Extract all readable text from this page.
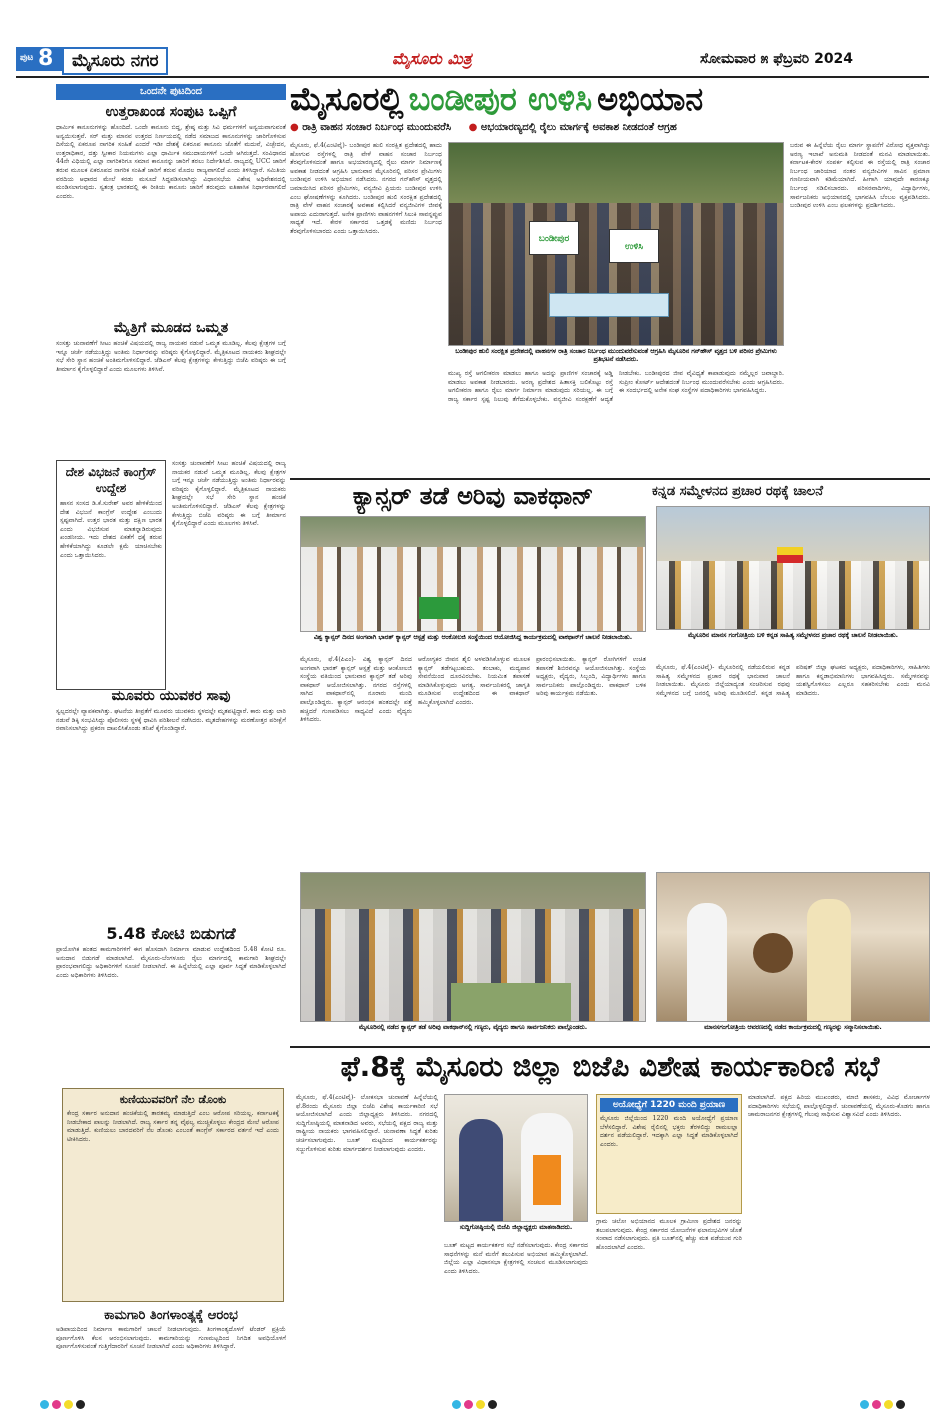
ಪುಟ 8	ಮೈಸೂರು ನಗರ	ಮೈಸೂರು ಮಿತ್ರ	ಸೋಮವಾರ ೫ ಫೆಬ್ರವರಿ 2024
ಒಂದನೇ ಪುಟದಿಂದ
ಉತ್ತರಾಖಂಡ ಸಂಪುಟ ಒಪ್ಪಿಗೆ
ಧಾರ್ಮಿಕ ಕಾನೂನುಗಳನ್ನು ಹೊಂದಿದೆ. ಒಂದೇ ಕಾನೂನು ಬಿದ್ದ, ಶ್ರೇಷ್ಠ ಮತ್ತು ಸಿವಿ ಧರ್ಮಗಳಿಗೆ ಅನ್ವಯವಾಗುವಂತೆ ಅನ್ವಯಿಸುತ್ತವೆ. ಸರ್ ಮತ್ತು ಮಾನವ ಉತ್ತರದ ನಿರ್ಣಯದಲ್ಲಿ ನಡೆದ ಸಮಾಜದ ಕಾನೂನುಗಳನ್ನು ಜಾರಿಗೊಳಿಸುವ ದಿಸೆಯಲ್ಲಿ ಏಕರೂಪ ನಾಗರಿಕ ಸಂಹಿತೆ ಎಂದರೆ ಇಡೀ ದೇಶಕ್ಕೆ ಏಕರೂಪ ಕಾನೂನು ಜೊತೆಗೆ ಮದುವೆ, ವಿಚ್ಛೇದನ, ಉತ್ತರಾಧಿಕಾರ, ದತ್ತು ಸ್ವೀಕಾರ ನಿಯಮಗಳು ಎಲ್ಲಾ ಧಾರ್ಮಿಕ ಸಮುದಾಯಗಳಿಗೆ ಒಂದೇ ಆಗಿರುತ್ತದೆ. ಸಂವಿಧಾನದ 44ನೇ ವಿಧಿಯಲ್ಲಿ ಎಲ್ಲಾ ನಾಗರಿಕರಿಗೂ ಸಮಾನ ಕಾನೂನನ್ನು ಜಾರಿಗೆ ತರಲು ನಿರ್ದೇಶಿಸಿದೆ. ರಾಜ್ಯದಲ್ಲಿ UCC ಜಾರಿಗೆ ತರುವ ಮೂಲಕ ಏಕರೂಪದ ನಾಗರಿಕ ಸಂಹಿತೆ ಜಾರಿಗೆ ತರುವ ಮೊದಲ ರಾಜ್ಯವಾಗಲಿದೆ ಎಂದು ತಿಳಿಸಿದ್ದಾರೆ. ಸಮಿತಿಯ ವರದಿಯ ಆಧಾರದ ಮೇಲೆ ಕರಡು ಮಸೂದೆ ಸಿದ್ಧಪಡಿಸಲಾಗಿದ್ದು ವಿಧಾನಸಭೆಯ ವಿಶೇಷ ಅಧಿವೇಶನದಲ್ಲಿ ಮಂಡಿಸಲಾಗುವುದು. ಸ್ವತಂತ್ರ ಭಾರತದಲ್ಲಿ ಈ ರೀತಿಯ ಕಾನೂನು ಜಾರಿಗೆ ತರುವುದು ಐತಿಹಾಸಿಕ ನಿರ್ಧಾರವಾಗಲಿದೆ ಎಂದರು.
ಮೈತ್ರಿಗೆ ಮೂಡದ ಒಮ್ಮತ
ಸಂಸತ್ತು ಚುನಾವಣೆಗೆ ಸೀಟು ಹಂಚಿಕೆ ವಿಷಯದಲ್ಲಿ ರಾಜ್ಯ ನಾಯಕರ ನಡುವೆ ಒಮ್ಮತ ಮೂಡಿಲ್ಲ. ಕೆಲವು ಕ್ಷೇತ್ರಗಳ ಬಗ್ಗೆ ಇನ್ನೂ ಚರ್ಚೆ ನಡೆಯುತ್ತಿದ್ದು ಅಂತಿಮ ನಿರ್ಧಾರವನ್ನು ವರಿಷ್ಠರು ಕೈಗೊಳ್ಳಲಿದ್ದಾರೆ. ಮೈತ್ರಿಕೂಟದ ನಾಯಕರು ಶೀಘ್ರದಲ್ಲೇ ಸಭೆ ಸೇರಿ ಸ್ಥಾನ ಹಂಚಿಕೆ ಅಂತಿಮಗೊಳಿಸಲಿದ್ದಾರೆ. ಜೆಡಿಎಸ್ ಕೆಲವು ಕ್ಷೇತ್ರಗಳನ್ನು ಕೇಳುತ್ತಿದ್ದು ಬಿಜೆಪಿ ವರಿಷ್ಠರು ಈ ಬಗ್ಗೆ ತೀರ್ಮಾನ ಕೈಗೊಳ್ಳಲಿದ್ದಾರೆ ಎಂದು ಮೂಲಗಳು ತಿಳಿಸಿವೆ.
ದೇಶ ವಿಭಜನೆ ಕಾಂಗ್ರೆಸ್ ಉದ್ದೇಶ
ಹಾಸನ ಸಂಸದ ಡಿ.ಕೆ.ಸುರೇಶ್ ಅವರ ಹೇಳಿಕೆಯಿಂದ ದೇಶ ವಿಭಜನೆ ಕಾಂಗ್ರೆಸ್ ಉದ್ದೇಶ ಎಂಬುದು ಸ್ಪಷ್ಟವಾಗಿದೆ. ಉತ್ತರ ಭಾರತ ಮತ್ತು ದಕ್ಷಿಣ ಭಾರತ ಎಂದು ವಿಭಜಿಸುವ ಮಾತನ್ನಾಡಿರುವುದು ಖಂಡನೀಯ. ಇದು ದೇಶದ ಏಕತೆಗೆ ಧಕ್ಕೆ ತರುವ ಹೇಳಿಕೆಯಾಗಿದ್ದು ಕೂಡಲೇ ಕ್ಷಮೆ ಯಾಚಿಸಬೇಕು ಎಂದು ಒತ್ತಾಯಿಸಿದರು.
ಸಂಸತ್ತು ಚುನಾವಣೆಗೆ ಸೀಟು ಹಂಚಿಕೆ ವಿಷಯದಲ್ಲಿ ರಾಜ್ಯ ನಾಯಕರ ನಡುವೆ ಒಮ್ಮತ ಮೂಡಿಲ್ಲ. ಕೆಲವು ಕ್ಷೇತ್ರಗಳ ಬಗ್ಗೆ ಇನ್ನೂ ಚರ್ಚೆ ನಡೆಯುತ್ತಿದ್ದು ಅಂತಿಮ ನಿರ್ಧಾರವನ್ನು ವರಿಷ್ಠರು ಕೈಗೊಳ್ಳಲಿದ್ದಾರೆ. ಮೈತ್ರಿಕೂಟದ ನಾಯಕರು ಶೀಘ್ರದಲ್ಲೇ ಸಭೆ ಸೇರಿ ಸ್ಥಾನ ಹಂಚಿಕೆ ಅಂತಿಮಗೊಳಿಸಲಿದ್ದಾರೆ. ಜೆಡಿಎಸ್ ಕೆಲವು ಕ್ಷೇತ್ರಗಳನ್ನು ಕೇಳುತ್ತಿದ್ದು ಬಿಜೆಪಿ ವರಿಷ್ಠರು ಈ ಬಗ್ಗೆ ತೀರ್ಮಾನ ಕೈಗೊಳ್ಳಲಿದ್ದಾರೆ ಎಂದು ಮೂಲಗಳು ತಿಳಿಸಿವೆ.
ಮೂವರು ಯುವಕರ ಸಾವು
ಸ್ವಲ್ಪದರಲ್ಲೇ ವ್ಯಾಪಕವಾಗಿತ್ತು. ಘಟನೆಯ ತೀವ್ರತೆಗೆ ಮೂವರು ಯುವಕರು ಸ್ಥಳದಲ್ಲೇ ಮೃತಪಟ್ಟಿದ್ದಾರೆ. ಕಾರು ಮತ್ತು ಲಾರಿ ನಡುವೆ ಡಿಕ್ಕಿ ಸಂಭವಿಸಿದ್ದು ಪೊಲೀಸರು ಸ್ಥಳಕ್ಕೆ ಧಾವಿಸಿ ಪರಿಶೀಲನೆ ನಡೆಸಿದರು. ಮೃತದೇಹಗಳನ್ನು ಮರಣೋತ್ತರ ಪರೀಕ್ಷೆಗೆ ರವಾನಿಸಲಾಗಿದ್ದು ಪ್ರಕರಣ ದಾಖಲಿಸಿಕೊಂಡು ತನಿಖೆ ಕೈಗೊಂಡಿದ್ದಾರೆ.
5.48 ಕೋಟಿ ಬಿಡುಗಡೆ
ಪ್ರಾಯೋಗಿಕ ಹಂತದ ಕಾಮಗಾರಿಗಳಿಗೆ ಈಗ ಹೊಸದಾಗಿ ನಿರ್ಮಾಣ ಮಾಡುವ ಉದ್ದೇಶದಿಂದ 5.48 ಕೋಟಿ ರೂ. ಅನುದಾನ ಬಿಡುಗಡೆ ಮಾಡಲಾಗಿದೆ. ಮೈಸೂರು-ಬೆಂಗಳೂರು ರೈಲು ಮಾರ್ಗದಲ್ಲಿ ಕಾಮಗಾರಿ ಶೀಘ್ರದಲ್ಲೇ ಪ್ರಾರಂಭವಾಗಲಿದ್ದು ಅಧಿಕಾರಿಗಳಿಗೆ ಸೂಚನೆ ನೀಡಲಾಗಿದೆ. ಈ ಹಿನ್ನೆಲೆಯಲ್ಲಿ ಎಲ್ಲಾ ಪೂರ್ವ ಸಿದ್ಧತೆ ಮಾಡಿಕೊಳ್ಳಲಾಗಿದೆ ಎಂದು ಅಧಿಕಾರಿಗಳು ತಿಳಿಸಿದರು.
ಕುಣಿಯುವವರಿಗೆ ನೆಲ ಡೊಂಕು
ಕೇಂದ್ರ ಸರ್ಕಾರ ಅನುದಾನ ಹಂಚಿಕೆಯಲ್ಲಿ ತಾರತಮ್ಯ ಮಾಡುತ್ತಿದೆ ಎಂಬ ಆರೋಪ ಸರಿಯಲ್ಲ. ಕರ್ನಾಟಕಕ್ಕೆ ನೀಡಬೇಕಾದ ಪಾಲನ್ನು ನೀಡಲಾಗಿದೆ. ರಾಜ್ಯ ಸರ್ಕಾರ ತನ್ನ ವೈಫಲ್ಯ ಮುಚ್ಚಿಕೊಳ್ಳಲು ಕೇಂದ್ರದ ಮೇಲೆ ಆರೋಪ ಮಾಡುತ್ತಿದೆ. ಕುಣಿಯಲು ಬಾರದವರಿಗೆ ನೆಲ ಡೊಂಕು ಎಂಬಂತೆ ಕಾಂಗ್ರೆಸ್ ಸರ್ಕಾರದ ವರ್ತನೆ ಇದೆ ಎಂದು ಟೀಕಿಸಿದರು.
ಕಾಮಗಾರಿ ತಿಂಗಳಾಂತ್ಯಕ್ಕೆ ಆರಂಭ
ಅಡಿಪಾಯದಿಂದ ನಿರ್ಮಾಣ ಕಾಮಗಾರಿಗೆ ಚಾಲನೆ ನೀಡಲಾಗುವುದು. ತಿಂಗಳಾಂತ್ಯದೊಳಗೆ ಟೆಂಡರ್ ಪ್ರಕ್ರಿಯೆ ಪೂರ್ಣಗೊಳಿಸಿ ಕೆಲಸ ಆರಂಭಿಸಲಾಗುವುದು. ಕಾಮಗಾರಿಯನ್ನು ಗುಣಮಟ್ಟದಿಂದ ನಿಗದಿತ ಅವಧಿಯೊಳಗೆ ಪೂರ್ಣಗೊಳಿಸುವಂತೆ ಗುತ್ತಿಗೆದಾರರಿಗೆ ಸೂಚನೆ ನೀಡಲಾಗಿದೆ ಎಂದು ಅಧಿಕಾರಿಗಳು ತಿಳಿಸಿದ್ದಾರೆ.
ಮೈಸೂರಲ್ಲಿ ಬಂಡೀಪುರ ಉಳಿಸಿ ಅಭಿಯಾನ
● ರಾತ್ರಿ ವಾಹನ ಸಂಚಾರ ನಿರ್ಬಂಧ ಮುಂದುವರೆಸಿ ● ಅಭಯಾರಣ್ಯದಲ್ಲಿ ರೈಲು ಮಾರ್ಗಕ್ಕೆ ಅವಕಾಶ ನೀಡದಂತೆ ಆಗ್ರಹ
ಮೈಸೂರು, ಫೆ.4(ಎಂಟಿವೈ)- ಬಂಡೀಪುರ ಹುಲಿ ಸಂರಕ್ಷಿತ ಪ್ರದೇಶದಲ್ಲಿ ಹಾದು ಹೋಗುವ ರಸ್ತೆಗಳಲ್ಲಿ ರಾತ್ರಿ ವೇಳೆ ವಾಹನ ಸಂಚಾರ ನಿರ್ಬಂಧ ತೆರವುಗೊಳಿಸದಂತೆ ಹಾಗೂ ಅಭಯಾರಣ್ಯದಲ್ಲಿ ರೈಲು ಮಾರ್ಗ ನಿರ್ಮಾಣಕ್ಕೆ ಅವಕಾಶ ನೀಡದಂತೆ ಆಗ್ರಹಿಸಿ ಭಾನುವಾರ ಮೈಸೂರಿನಲ್ಲಿ ಪರಿಸರ ಪ್ರೇಮಿಗಳು ಬಂಡೀಪುರ ಉಳಿಸಿ ಅಭಿಯಾನ ನಡೆಸಿದರು. ನಗರದ ಗನ್‌ಹೌಸ್ ವೃತ್ತದಲ್ಲಿ ಜಮಾಯಿಸಿದ ಪರಿಸರ ಪ್ರೇಮಿಗಳು, ವನ್ಯಜೀವಿ ಪ್ರಿಯರು ಬಂಡೀಪುರ ಉಳಿಸಿ ಎಂಬ ಘೋಷಣೆಗಳನ್ನು ಕೂಗಿದರು. ಬಂಡೀಪುರ ಹುಲಿ ಸಂರಕ್ಷಿತ ಪ್ರದೇಶದಲ್ಲಿ ರಾತ್ರಿ ವೇಳೆ ವಾಹನ ಸಂಚಾರಕ್ಕೆ ಅವಕಾಶ ಕಲ್ಪಿಸಿದರೆ ವನ್ಯಜೀವಿಗಳ ಜೀವಕ್ಕೆ ಅಪಾಯ ಎದುರಾಗುತ್ತದೆ. ಅನೇಕ ಪ್ರಾಣಿಗಳು ವಾಹನಗಳಿಗೆ ಸಿಲುಕಿ ಸಾವನ್ನಪ್ಪುವ ಸಾಧ್ಯತೆ ಇದೆ. ಕೇರಳ ಸರ್ಕಾರದ ಒತ್ತಡಕ್ಕೆ ಮಣಿದು ನಿರ್ಬಂಧ ತೆರವುಗೊಳಿಸಬಾರದು ಎಂದು ಒತ್ತಾಯಿಸಿದರು.
ಬಂಡೀಪುರ
ಉಳಿಸಿ
ಬಂಡೀಪುರ ಹುಲಿ ಸಂರಕ್ಷಿತ ಪ್ರದೇಶದಲ್ಲಿ ವಾಹನಗಳ ರಾತ್ರಿ ಸಂಚಾರ ನಿರ್ಬಂಧ ಮುಂದುವರೆಸುವಂತೆ ಆಗ್ರಹಿಸಿ ಮೈಸೂರಿನ ಗನ್‌ಹೌಸ್ ವೃತ್ತದ ಬಳಿ ಪರಿಸರ ಪ್ರೇಮಿಗಳು ಪ್ರತಿಭಟನೆ ನಡೆಸಿದರು.
ಮುಖ್ಯ ರಸ್ತೆ ಆಗಲೀಕರಣ ಮಾಡಲು ಹಾಗೂ ಅದನ್ನು ಪ್ರಾಣಿಗಳ ಸಂಚಾರಕ್ಕೆ ಅಡ್ಡಿ ಮಾಡಲು ಅವಕಾಶ ನೀಡಬಾರದು. ಅರಣ್ಯ ಪ್ರದೇಶದ ಹಿತಾಸಕ್ತಿ ಬಲಿಕೊಟ್ಟು ರಸ್ತೆ ಅಗಲೀಕರಣ ಹಾಗೂ ರೈಲು ಮಾರ್ಗ ನಿರ್ಮಾಣ ಮಾಡುವುದು ಸರಿಯಲ್ಲ. ಈ ಬಗ್ಗೆ ರಾಜ್ಯ ಸರ್ಕಾರ ಸ್ಪಷ್ಟ ನಿಲುವು ತೆಗೆದುಕೊಳ್ಳಬೇಕು. ವನ್ಯಜೀವಿ ಸಂರಕ್ಷಣೆಗೆ ಆದ್ಯತೆ ನೀಡಬೇಕು. ಬಂಡೀಪುರದ ಜೀವ ವೈವಿಧ್ಯತೆ ಕಾಪಾಡುವುದು ನಮ್ಮೆಲ್ಲರ ಜವಾಬ್ದಾರಿ. ಸುಪ್ರೀಂ ಕೋರ್ಟ್ ಆದೇಶದಂತೆ ನಿರ್ಬಂಧ ಮುಂದುವರೆಸಬೇಕು ಎಂದು ಆಗ್ರಹಿಸಿದರು. ಈ ಸಂದರ್ಭದಲ್ಲಿ ಅನೇಕ ಸಂಘ ಸಂಸ್ಥೆಗಳ ಪದಾಧಿಕಾರಿಗಳು ಭಾಗವಹಿಸಿದ್ದರು.
ಬರುವ ಈ ಹಿನ್ನೆಲೆಯ ರೈಲು ಮಾರ್ಗ ಸ್ಥಾಪನೆಗೆ ವಿರೋಧ ವ್ಯಕ್ತವಾಗಿದ್ದು ಅರಣ್ಯ ಇಲಾಖೆ ಅನುಮತಿ ನೀಡದಂತೆ ಮನವಿ ಮಾಡಲಾಯಿತು. ಕರ್ನಾಟಕ-ಕೇರಳ ಸಂಪರ್ಕ ಕಲ್ಪಿಸುವ ಈ ರಸ್ತೆಯಲ್ಲಿ ರಾತ್ರಿ ಸಂಚಾರ ನಿರ್ಬಂಧ ಜಾರಿಯಾದ ನಂತರ ವನ್ಯಜೀವಿಗಳ ಸಾವಿನ ಪ್ರಮಾಣ ಗಣನೀಯವಾಗಿ ಕಡಿಮೆಯಾಗಿದೆ. ಹೀಗಾಗಿ ಯಾವುದೇ ಕಾರಣಕ್ಕೂ ನಿರ್ಬಂಧ ಸಡಿಲಿಸಬಾರದು. ಪರಿಸರವಾದಿಗಳು, ವಿದ್ಯಾರ್ಥಿಗಳು, ಸಾರ್ವಜನಿಕರು ಅಭಿಯಾನದಲ್ಲಿ ಭಾಗವಹಿಸಿ ಬೆಂಬಲ ವ್ಯಕ್ತಪಡಿಸಿದರು. ಬಂಡೀಪುರ ಉಳಿಸಿ ಎಂಬ ಫಲಕಗಳನ್ನು ಪ್ರದರ್ಶಿಸಿದರು.
ಕ್ಯಾನ್ಸರ್ ತಡೆ ಅರಿವು ವಾಕಥಾನ್
ವಿಶ್ವ ಕ್ಯಾನ್ಸರ್ ದಿನದ ಅಂಗವಾಗಿ ಭಾರತ್ ಕ್ಯಾನ್ಸರ್ ಆಸ್ಪತ್ರೆ ಮತ್ತು ಆಂಕೋಲಜಿ ಸಂಸ್ಥೆಯಿಂದ ಆಯೋಜಿಸಿದ್ದ ಕಾರ್ಯಕ್ರಮದಲ್ಲಿ ವಾಕಥಾನ್‌ಗೆ ಚಾಲನೆ ನೀಡಲಾಯಿತು.
ಮೈಸೂರು, ಫೆ.4(ಪಿಎಂ)- ವಿಶ್ವ ಕ್ಯಾನ್ಸರ್ ದಿನದ ಅಂಗವಾಗಿ ಭಾರತ್ ಕ್ಯಾನ್ಸರ್ ಆಸ್ಪತ್ರೆ ಮತ್ತು ಆಂಕೋಲಜಿ ಸಂಸ್ಥೆಯ ವತಿಯಿಂದ ಭಾನುವಾರ ಕ್ಯಾನ್ಸರ್ ತಡೆ ಅರಿವು ವಾಕಥಾನ್ ಆಯೋಜಿಸಲಾಗಿತ್ತು. ನಗರದ ರಸ್ತೆಗಳಲ್ಲಿ ಸಾಗಿದ ವಾಕಥಾನ್‌ನಲ್ಲಿ ನೂರಾರು ಮಂದಿ ಪಾಲ್ಗೊಂಡಿದ್ದರು. ಕ್ಯಾನ್ಸರ್ ಆರಂಭಿಕ ಹಂತದಲ್ಲೇ ಪತ್ತೆ ಹಚ್ಚಿದರೆ ಗುಣಪಡಿಸಲು ಸಾಧ್ಯವಿದೆ ಎಂದು ವೈದ್ಯರು ತಿಳಿಸಿದರು.
ಆರೋಗ್ಯಕರ ಜೀವನ ಶೈಲಿ ಅಳವಡಿಸಿಕೊಳ್ಳುವ ಮೂಲಕ ಕ್ಯಾನ್ಸರ್ ತಡೆಗಟ್ಟಬಹುದು. ತಂಬಾಕು, ಮದ್ಯಪಾನ ಸೇವನೆಯಿಂದ ದೂರವಿರಬೇಕು. ನಿಯಮಿತ ತಪಾಸಣೆ ಮಾಡಿಸಿಕೊಳ್ಳುವುದು ಅಗತ್ಯ. ಸಾರ್ವಜನಿಕರಲ್ಲಿ ಜಾಗೃತಿ ಮೂಡಿಸುವ ಉದ್ದೇಶದಿಂದ ಈ ವಾಕಥಾನ್ ಹಮ್ಮಿಕೊಳ್ಳಲಾಗಿದೆ ಎಂದರು.
ಪ್ರಾರಂಭಿಸಲಾಯಿತು. ಕ್ಯಾನ್ಸರ್ ರೋಗಿಗಳಿಗೆ ಉಚಿತ ತಪಾಸಣೆ ಶಿಬಿರವನ್ನೂ ಆಯೋಜಿಸಲಾಗಿತ್ತು. ಸಂಸ್ಥೆಯ ಅಧ್ಯಕ್ಷರು, ವೈದ್ಯರು, ಸಿಬ್ಬಂದಿ, ವಿದ್ಯಾರ್ಥಿಗಳು ಹಾಗೂ ಸಾರ್ವಜನಿಕರು ಪಾಲ್ಗೊಂಡಿದ್ದರು. ವಾಕಥಾನ್ ಬಳಿಕ ಅರಿವು ಕಾರ್ಯಕ್ರಮ ನಡೆಯಿತು.
ಮೈಸೂರಿನಲ್ಲಿ ನಡೆದ ಕ್ಯಾನ್ಸರ್ ತಡೆ ಅರಿವು ವಾಕಥಾನ್‌ನಲ್ಲಿ ಗಣ್ಯರು, ವೈದ್ಯರು ಹಾಗೂ ಸಾರ್ವಜನಿಕರು ಪಾಲ್ಗೊಂಡರು.
ಕನ್ನಡ ಸಮ್ಮೇಳನದ ಪ್ರಚಾರ ರಥಕ್ಕೆ ಚಾಲನೆ
ಮೈಸೂರಿನ ಮಾನಸ ಗಂಗೋತ್ರಿಯ ಬಳಿ ಕನ್ನಡ ಸಾಹಿತ್ಯ ಸಮ್ಮೇಳನದ ಪ್ರಚಾರ ರಥಕ್ಕೆ ಚಾಲನೆ ನೀಡಲಾಯಿತು.
ಮೈಸೂರು, ಫೆ.4(ಎಂಟಿವೈ)- ಮೈಸೂರಿನಲ್ಲಿ ನಡೆಯಲಿರುವ ಕನ್ನಡ ಸಾಹಿತ್ಯ ಸಮ್ಮೇಳನದ ಪ್ರಚಾರ ರಥಕ್ಕೆ ಭಾನುವಾರ ಚಾಲನೆ ನೀಡಲಾಯಿತು. ಮೈಸೂರು ಜಿಲ್ಲೆಯಾದ್ಯಂತ ಸಂಚರಿಸುವ ರಥವು ಸಮ್ಮೇಳನದ ಬಗ್ಗೆ ಜನರಲ್ಲಿ ಅರಿವು ಮೂಡಿಸಲಿದೆ. ಕನ್ನಡ ಸಾಹಿತ್ಯ ಪರಿಷತ್ ಜಿಲ್ಲಾ ಘಟಕದ ಅಧ್ಯಕ್ಷರು, ಪದಾಧಿಕಾರಿಗಳು, ಸಾಹಿತಿಗಳು ಹಾಗೂ ಕನ್ನಡಾಭಿಮಾನಿಗಳು ಭಾಗವಹಿಸಿದ್ದರು. ಸಮ್ಮೇಳನವನ್ನು ಯಶಸ್ವಿಗೊಳಿಸಲು ಎಲ್ಲರೂ ಸಹಕರಿಸಬೇಕು ಎಂದು ಮನವಿ ಮಾಡಿದರು.
ಮಾನಸಗಂಗೋತ್ರಿಯ ಆವರಣದಲ್ಲಿ ನಡೆದ ಕಾರ್ಯಕ್ರಮದಲ್ಲಿ ಗಣ್ಯರನ್ನು ಸನ್ಮಾನಿಸಲಾಯಿತು.
ಫೆ.8ಕ್ಕೆ ಮೈಸೂರು ಜಿಲ್ಲಾ ಬಿಜೆಪಿ ವಿಶೇಷ ಕಾರ್ಯಕಾರಿಣಿ ಸಭೆ
ಮೈಸೂರು, ಫೆ.4(ಎಂಟಿವೈ)- ಲೋಕಸಭಾ ಚುನಾವಣೆ ಹಿನ್ನೆಲೆಯಲ್ಲಿ ಫೆ.8ರಂದು ಮೈಸೂರು ಜಿಲ್ಲಾ ಬಿಜೆಪಿ ವಿಶೇಷ ಕಾರ್ಯಕಾರಿಣಿ ಸಭೆ ಆಯೋಜಿಸಲಾಗಿದೆ ಎಂದು ಜಿಲ್ಲಾಧ್ಯಕ್ಷರು ತಿಳಿಸಿದರು. ನಗರದಲ್ಲಿ ಸುದ್ದಿಗೋಷ್ಠಿಯಲ್ಲಿ ಮಾತನಾಡಿದ ಅವರು, ಸಭೆಯಲ್ಲಿ ಪಕ್ಷದ ರಾಜ್ಯ ಮತ್ತು ರಾಷ್ಟ್ರೀಯ ನಾಯಕರು ಭಾಗವಹಿಸಲಿದ್ದಾರೆ. ಚುನಾವಣಾ ಸಿದ್ಧತೆ ಕುರಿತು ಚರ್ಚಿಸಲಾಗುವುದು. ಬೂತ್ ಮಟ್ಟದಿಂದ ಕಾರ್ಯಕರ್ತರನ್ನು ಸಜ್ಜುಗೊಳಿಸುವ ಕುರಿತು ಮಾರ್ಗದರ್ಶನ ನೀಡಲಾಗುವುದು ಎಂದರು.
ಸುದ್ದಿಗೋಷ್ಠಿಯಲ್ಲಿ ಬಿಜೆಪಿ ಜಿಲ್ಲಾಧ್ಯಕ್ಷರು ಮಾತನಾಡಿದರು.
ಬೂತ್ ಮಟ್ಟದ ಕಾರ್ಯಕರ್ತರ ಸಭೆ ನಡೆಸಲಾಗುವುದು. ಕೇಂದ್ರ ಸರ್ಕಾರದ ಸಾಧನೆಗಳನ್ನು ಮನೆ ಮನೆಗೆ ತಲುಪಿಸುವ ಅಭಿಯಾನ ಹಮ್ಮಿಕೊಳ್ಳಲಾಗಿದೆ. ಜಿಲ್ಲೆಯ ಎಲ್ಲಾ ವಿಧಾನಸಭಾ ಕ್ಷೇತ್ರಗಳಲ್ಲಿ ಸಂಚಲನ ಮೂಡಿಸಲಾಗುವುದು ಎಂದು ತಿಳಿಸಿದರು.
ಅಯೋಧ್ಯೆಗೆ 1220 ಮಂದಿ ಪ್ರಯಾಣ
ಮೈಸೂರು ಜಿಲ್ಲೆಯಿಂದ 1220 ಮಂದಿ ಅಯೋಧ್ಯೆಗೆ ಪ್ರಯಾಣ ಬೆಳೆಸಲಿದ್ದಾರೆ. ವಿಶೇಷ ರೈಲಿನಲ್ಲಿ ಭಕ್ತರು ತೆರಳಲಿದ್ದು ರಾಮಲಲ್ಲಾ ದರ್ಶನ ಪಡೆಯಲಿದ್ದಾರೆ. ಇದಕ್ಕಾಗಿ ಎಲ್ಲಾ ಸಿದ್ಧತೆ ಮಾಡಿಕೊಳ್ಳಲಾಗಿದೆ ಎಂದರು.
ಗ್ರಾಮ ಚಲೋ ಅಭಿಯಾನದ ಮೂಲಕ ಗ್ರಾಮೀಣ ಪ್ರದೇಶದ ಜನರನ್ನು ತಲುಪಲಾಗುವುದು. ಕೇಂದ್ರ ಸರ್ಕಾರದ ಯೋಜನೆಗಳ ಫಲಾನುಭವಿಗಳ ಜೊತೆ ಸಂವಾದ ನಡೆಸಲಾಗುವುದು. ಪ್ರತಿ ಬೂತ್‌ನಲ್ಲಿ ಹೆಚ್ಚು ಮತ ಪಡೆಯುವ ಗುರಿ ಹೊಂದಲಾಗಿದೆ ಎಂದರು.
ಮಾಡಲಾಗಿದೆ. ಪಕ್ಷದ ಹಿರಿಯ ಮುಖಂಡರು, ಮಾಜಿ ಶಾಸಕರು, ವಿವಿಧ ಮೋರ್ಚಾಗಳ ಪದಾಧಿಕಾರಿಗಳು ಸಭೆಯಲ್ಲಿ ಪಾಲ್ಗೊಳ್ಳಲಿದ್ದಾರೆ. ಚುನಾವಣೆಯಲ್ಲಿ ಮೈಸೂರು-ಕೊಡಗು ಹಾಗೂ ಚಾಮರಾಜನಗರ ಕ್ಷೇತ್ರಗಳಲ್ಲಿ ಗೆಲುವು ಸಾಧಿಸುವ ವಿಶ್ವಾಸವಿದೆ ಎಂದು ತಿಳಿಸಿದರು.
